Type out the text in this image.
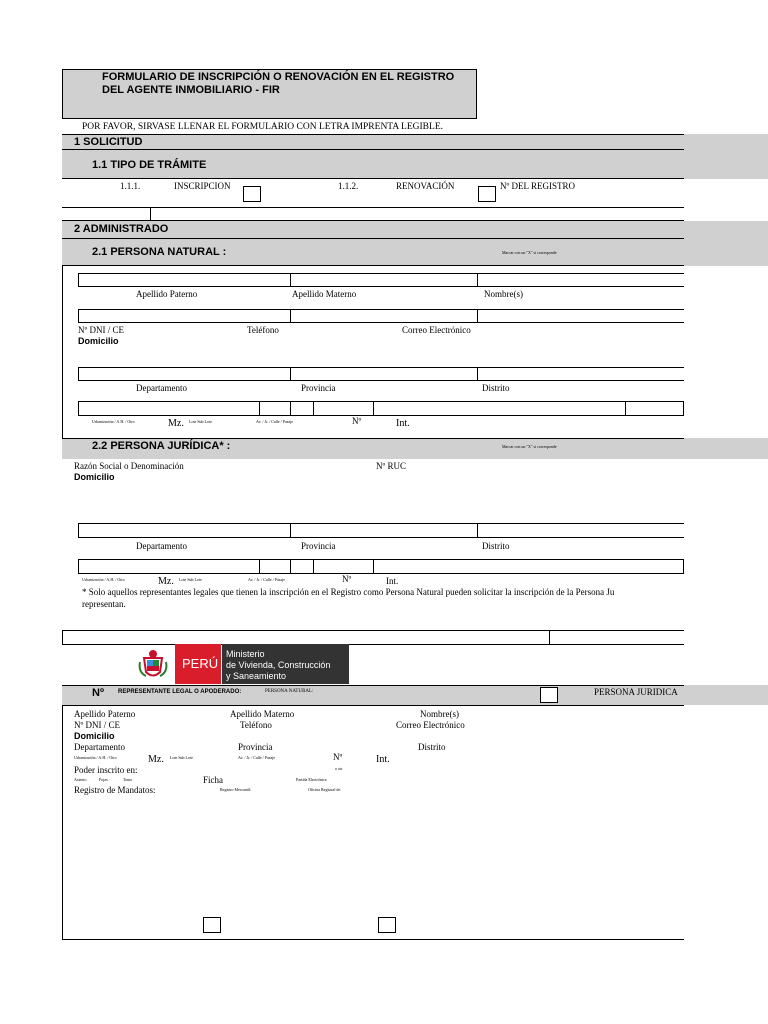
FORMULARIO DE INSCRIPCIÓN O RENOVACIÓN EN EL REGISTRO
DEL AGENTE INMOBILIARIO - FIR
POR FAVOR, SIRVASE LLENAR EL FORMULARIO CON LETRA IMPRENTA LEGIBLE.
1 SOLICITUD
1.1 TIPO DE TRÁMITE
1.1.1.	INSCRIPCION	1.1.2.	RENOVACIÓN	Nº DEL REGISTRO
2 ADMINISTRADO
2.1 PERSONA NATURAL :	Marcar con un "X" si corresponde
Apellido Paterno	Apellido Materno	Nombre(s)
Nº DNI / CE	Teléfono	Correo Electrónico
Domicilio
Departamento	Provincia	Distrito
Urbanización / A.H. / Otro	Mz. Lote Sub Lote	Av. / Jr. / Calle / Pasaje	Nº	Int.
2.2 PERSONA JURÍDICA* :	Marcar con un "X" si corresponde
Razón Social o Denominación	Nº RUC
Domicilio
Departamento	Provincia	Distrito
Urbanización / A.H. / Otro	Mz. Lote Sub Lote	Av. / Jr. / Calle / Pasaje	Nº	Int.
* Solo aquellos representantes legales que tienen la inscripción en el Registro como Persona Natural pueden solicitar la inscripción de la Persona Ju
representan.
PERÚ
Ministerio
de Vivienda, Construcción
y Saneamiento
Nº REPRESENTANTE LEGAL O APODERADO:	PERSONA NATURAL:	PERSONA JURIDICA
Apellido Paterno	Apellido Materno	Nombre(s)
Nº DNI / CE	Teléfono	Correo Electrónico
Domicilio
Departamento	Provincia	Distrito
Urbanización / A.H. / Otro	Mz. Lote Sub Lote	Av. / Jr. / Calle / Pasaje	Nº
o otr
Int.
Poder inscrito en:
Asiento	Fojas	Tomo	Ficha	Partida Electrónica
Registro de Mandatos:	Registro Mercantil:	Oficina Registral de:
